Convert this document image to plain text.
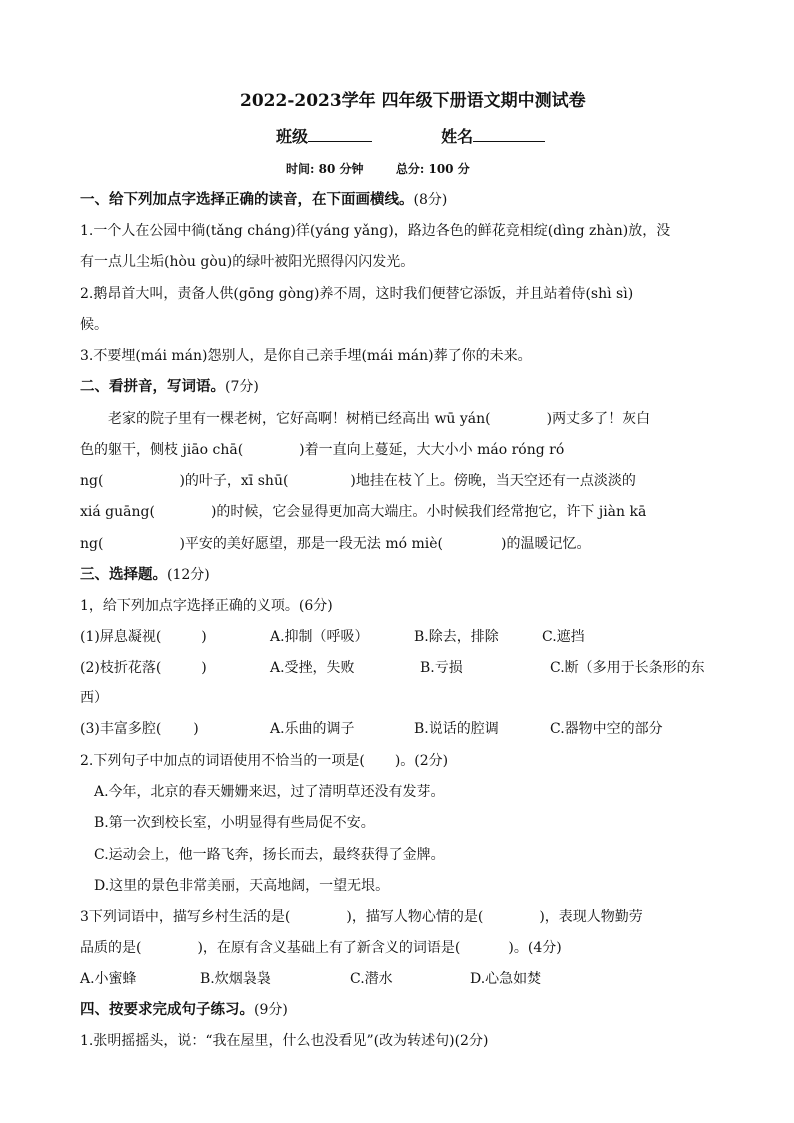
2022-2023学年 四年级下册语文期中测试卷
班级	姓名
时间: 80 分钟	总分: 100 分
一、给下列加点字选择正确的读音，在下面画横线。(8分)
1.一个人在公园中徜(tǎng cháng)徉(yáng yǎng)，路边各色的鲜花竞相绽(dìng zhàn)放，没
有一点儿尘垢(hòu gòu)的绿叶被阳光照得闪闪发光。
2.鹅昂首大叫，责备人供(gōng gòng)养不周，这时我们便替它添饭，并且站着侍(shì sì)
候。
3.不要埋(mái mán)怨别人，是你自己亲手埋(mái mán)葬了你的未来。
二、看拼音，写词语。(7分)
老家的院子里有一棵老树，它好高啊！树梢已经高出 wū yán(	)两丈多了！灰白
色的躯干，侧枝 jiāo chā(	)着一直向上蔓延，大大小小 máo róng ró
ng(	)的叶子，xī shū(	)地挂在枝丫上。傍晚，当天空还有一点淡淡的
xiá guāng(	)的时候，它会显得更加高大端庄。小时候我们经常抱它，许下 jiàn kā
ng(	)平安的美好愿望，那是一段无法 mó miè(	)的温暖记忆。
三、选择题。(12分)
1，给下列加点字选择正确的义项。(6分)
(1)屏息凝视(	)	A.抑制（呼吸）	B.除去，排除	C.遮挡
(2)枝折花落(	)	A.受挫，失败	B.亏损	C.断（多用于长条形的东
西）
(3)丰富多腔( )	A.乐曲的调子	B.说话的腔调	C.器物中空的部分
2.下列句子中加点的词语使用不恰当的一项是( )。(2分)
A.今年，北京的春天姗姗来迟，过了清明草还没有发芽。
B.第一次到校长室，小明显得有些局促不安。
C.运动会上，他一路飞奔，扬长而去，最终获得了金牌。
D.这里的景色非常美丽，天高地阔，一望无垠。
3下列词语中，描写乡村生活的是(	)，描写人物心情的是(	)，表现人物勤劳
品质的是(	)，在原有含义基础上有了新含义的词语是(	)。(4分)
A.小蜜蜂	B.炊烟袅袅	C.潜水	D.心急如焚
四、按要求完成句子练习。(9分)
1.张明摇摇头，说：“我在屋里，什么也没看见”(改为转述句)(2分)
